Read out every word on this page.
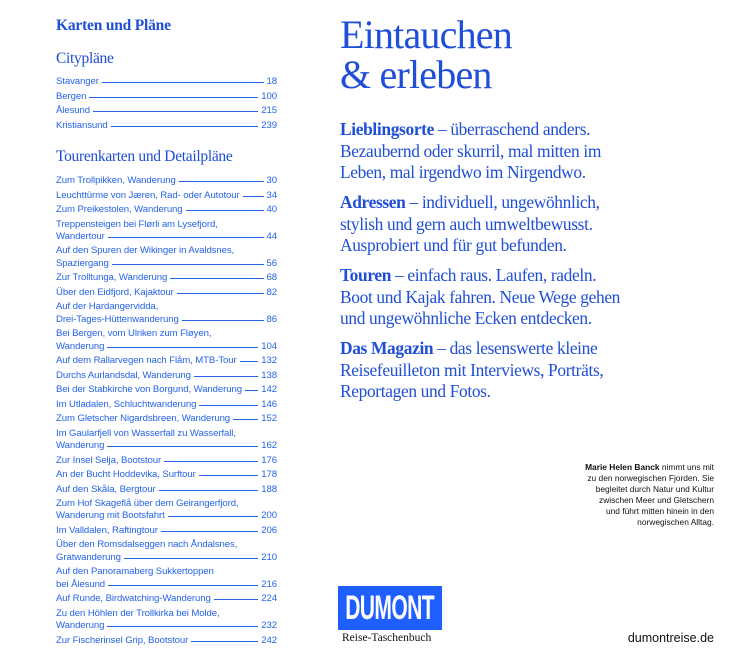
Karten und Pläne
Citypläne
Stavanger	18
Bergen	100
Ålesund	215
Kristiansund	239
Tourenkarten und Detailpläne
Zum Trollpikken, Wanderung	30
Leuchttürme von Jæren, Rad- oder Autotour	34
Zum Preikestolen, Wanderung	40
Treppensteigen bei Flørli am Lysefjord,
Wandertour	44
Auf den Spuren der Wikinger in Avaldsnes,
Spaziergang	56
Zur Trolltunga, Wanderung	68
Über den Eidfjord, Kajaktour	82
Auf der Hardangervidda,
Drei-Tages-Hüttenwanderung	86
Bei Bergen, vom Ulriken zum Fløyen,
Wanderung	104
Auf dem Rallarvegen nach Flåm, MTB-Tour	132
Durchs Aurlandsdal, Wanderung	138
Bei der Stabkirche von Borgund, Wanderung 142
Im Utladalen, Schluchtwanderung	146
Zum Gletscher Nigardsbreen, Wanderung	152
Im Gaularfjell von Wasserfall zu Wasserfall,
Wanderung	162
Zur Insel Selja, Bootstour	176
An der Bucht Hoddevika, Surftour	178
Auf den Skåla, Bergtour	188
Zum Hof Skageflå über dem Geirangerfjord,
Wanderung mit Bootsfahrt	200
Im Valldalen, Raftingtour	206
Über den Romsdalseggen nach Åndalsnes,
Gratwanderung	210
Auf den Panoramaberg Sukkertoppen
bei Ålesund	216
Auf Runde, Birdwatching-Wanderung	224
Zu den Höhlen der Trollkirka bei Molde,
Wanderung	232
Zur Fischerinsel Grip, Bootstour	242
Eintauchen
& erleben
Lieblingsorte – überraschend anders.
Bezaubernd oder skurril, mal mitten im
Leben, mal irgendwo im Nirgendwo.
Adressen – individuell, ungewöhnlich,
stylish und gern auch umweltbewusst.
Ausprobiert und für gut befunden.
Touren – einfach raus. Laufen, radeln.
Boot und Kajak fahren. Neue Wege gehen
und ungewöhnliche Ecken entdecken.
Das Magazin – das lesenswerte kleine
Reisefeuilleton mit Interviews, Porträts,
Reportagen und Fotos.
Marie Helen Banck nimmt uns mit
zu den norwegischen Fjorden. Sie
begleitet durch Natur und Kultur
zwischen Meer und Gletschern
und führt mitten hinein in den
norwegischen Alltag.
DUMONT
Reise-Taschenbuch	dumontreise.de
